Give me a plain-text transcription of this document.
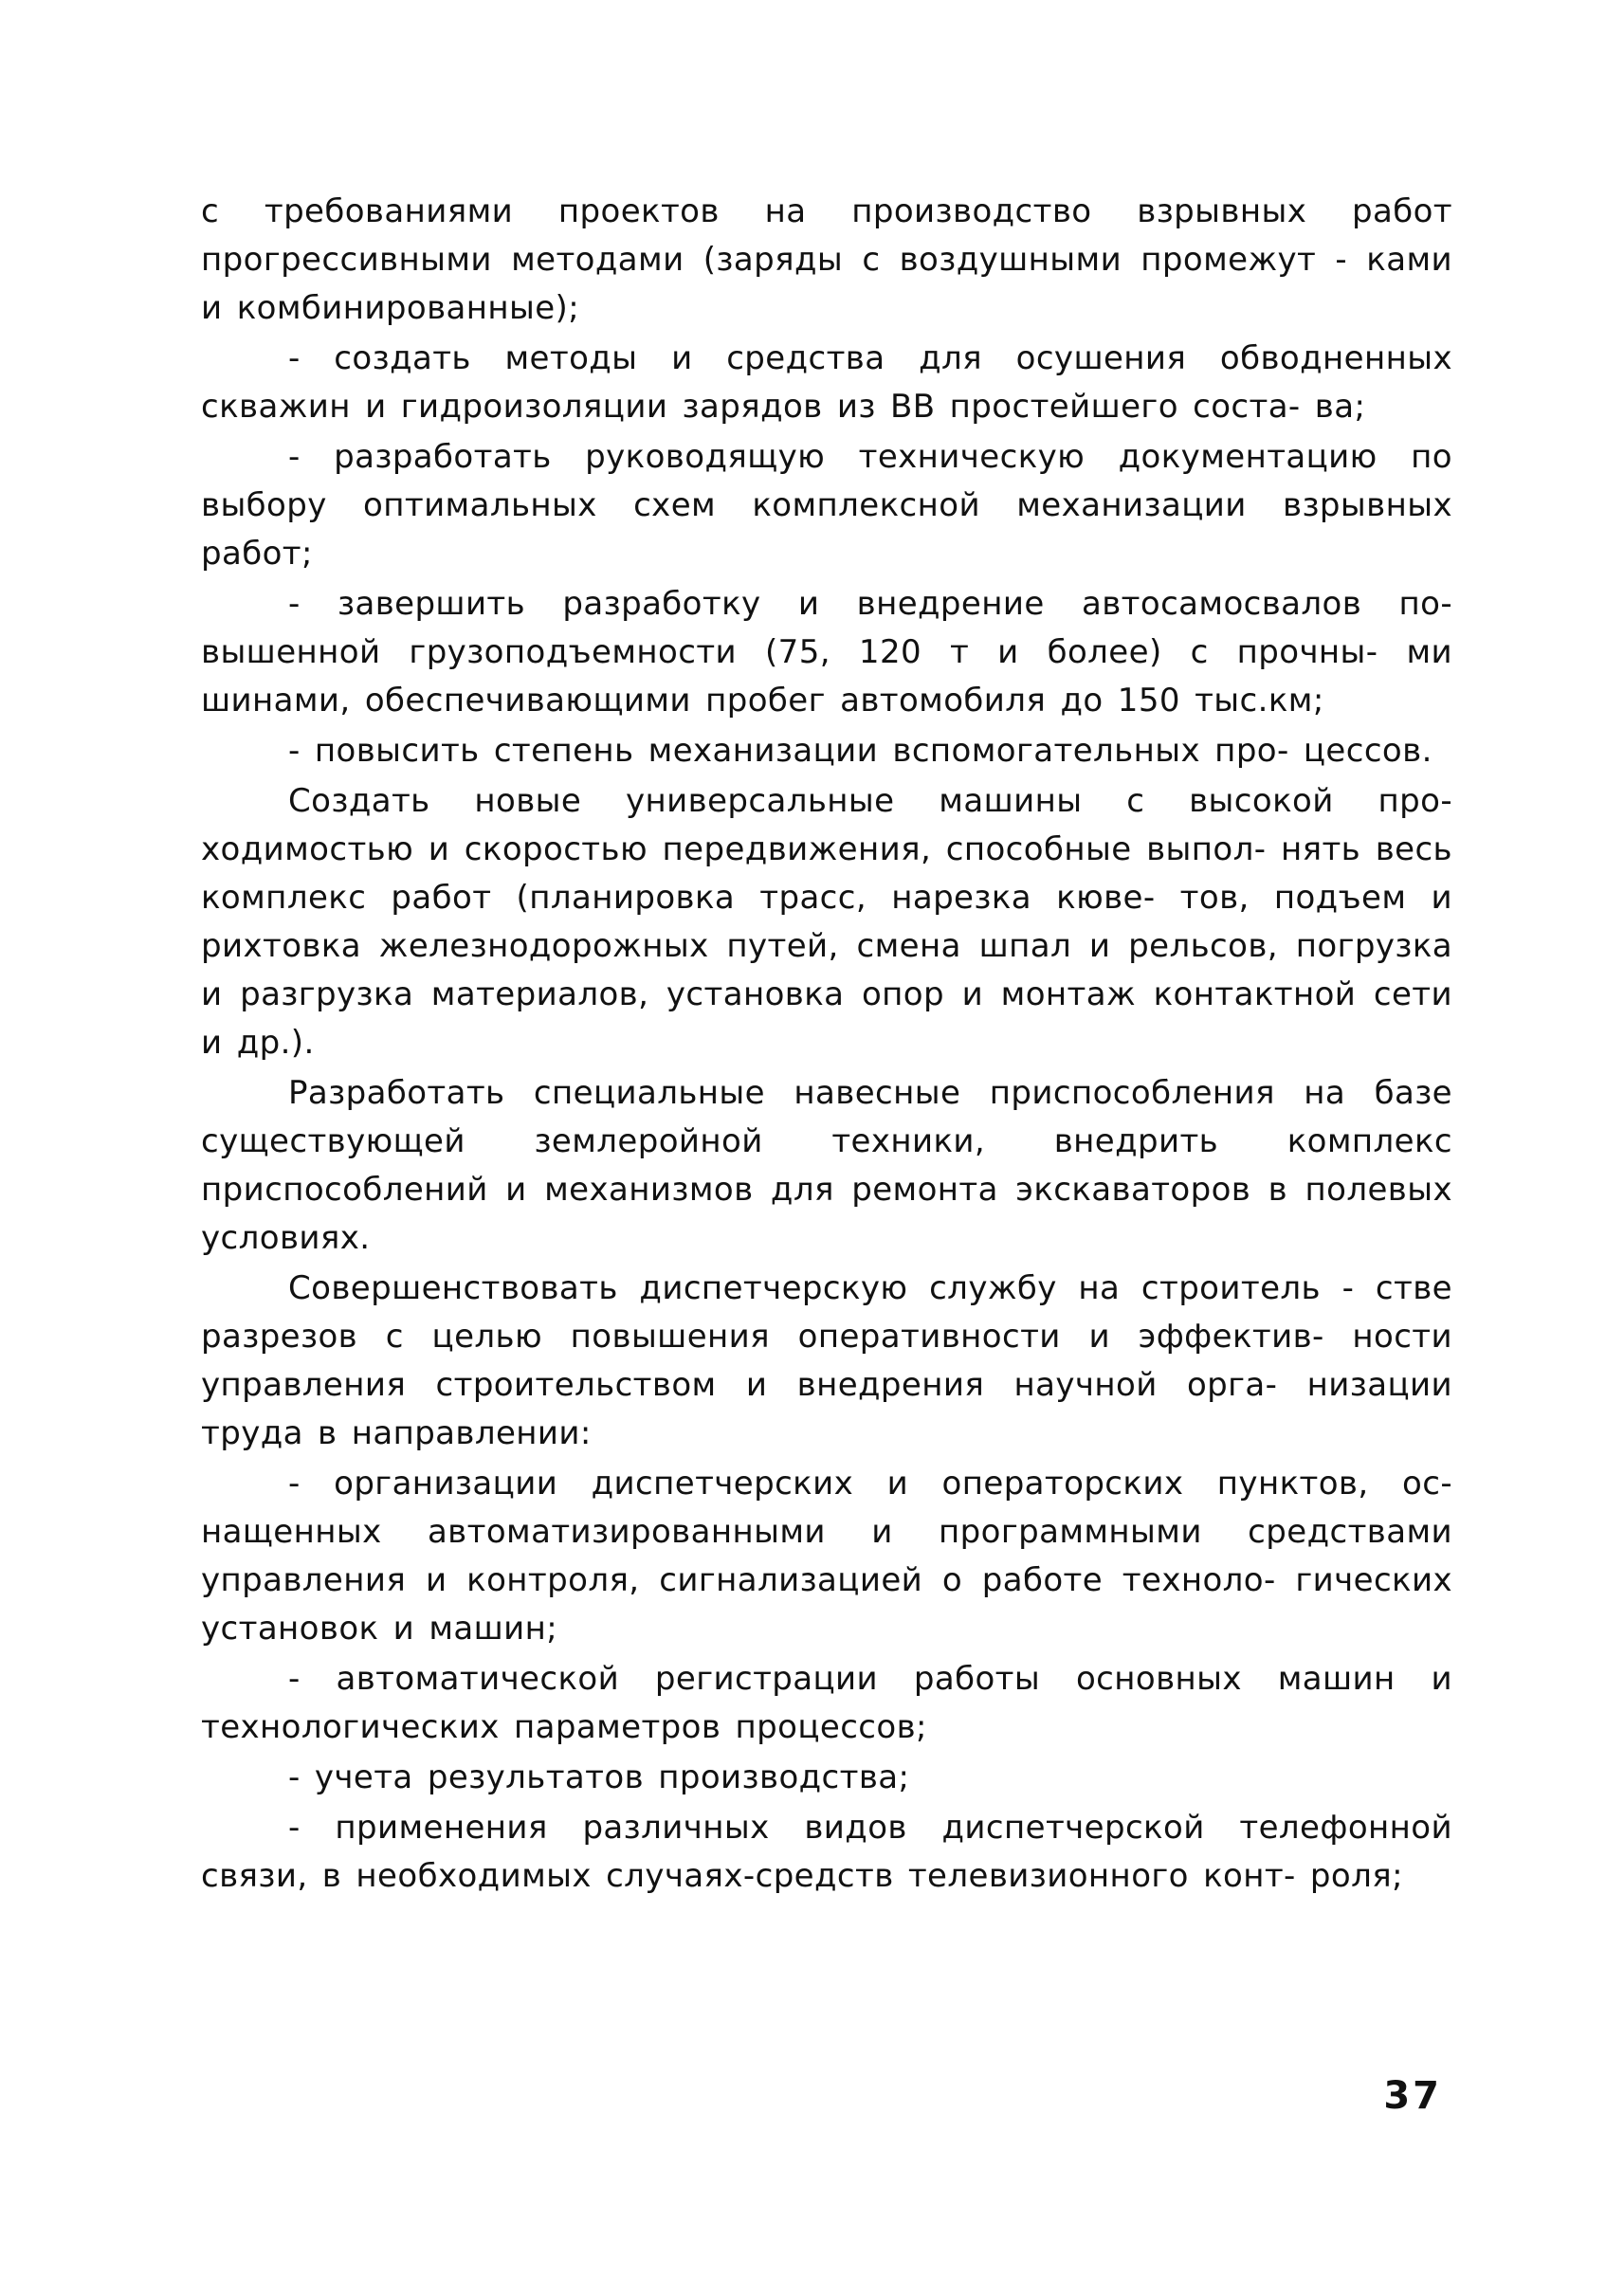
с требованиями проектов на производство взрывных работ прогрессивными методами (заряды с воздушными промежут - ками и комбинированные);

- создать методы и средства для осушения обводненных скважин и гидроизоляции зарядов из ВВ простейшего соста- ва;

- разработать руководящую техническую документацию по выбору оптимальных схем комплексной механизации взрывных работ;

- завершить разработку и внедрение автосамосвалов по- вышенной грузоподъемности (75, 120 т и более) с прочны- ми шинами, обеспечивающими пробег автомобиля до 150 тыс.км;

- повысить степень механизации вспомогательных про- цессов.

Создать новые универсальные машины с высокой про- ходимостью и скоростью передвижения, способные выпол- нять весь комплекс работ (планировка трасс, нарезка кюве- тов, подъем и рихтовка железнодорожных путей, смена шпал и рельсов, погрузка и разгрузка материалов, установка опор и монтаж контактной сети и др.).

Разработать специальные навесные приспособления на базе существующей землеройной техники, внедрить комплекс приспособлений и механизмов для ремонта экскаваторов в полевых условиях.

Совершенствовать диспетчерскую службу на строитель - стве разрезов с целью повышения оперативности и эффектив- ности управления строительством и внедрения научной орга- низации труда в направлении:

- организации диспетчерских и операторских пунктов, ос- нащенных автоматизированными и программными средствами управления и контроля, сигнализацией о работе техноло- гических установок и машин;

- автоматической регистрации работы основных машин и технологических параметров процессов;

- учета результатов производства;

- применения различных видов диспетчерской телефонной связи, в необходимых случаях-средств телевизионного конт- роля;

37
